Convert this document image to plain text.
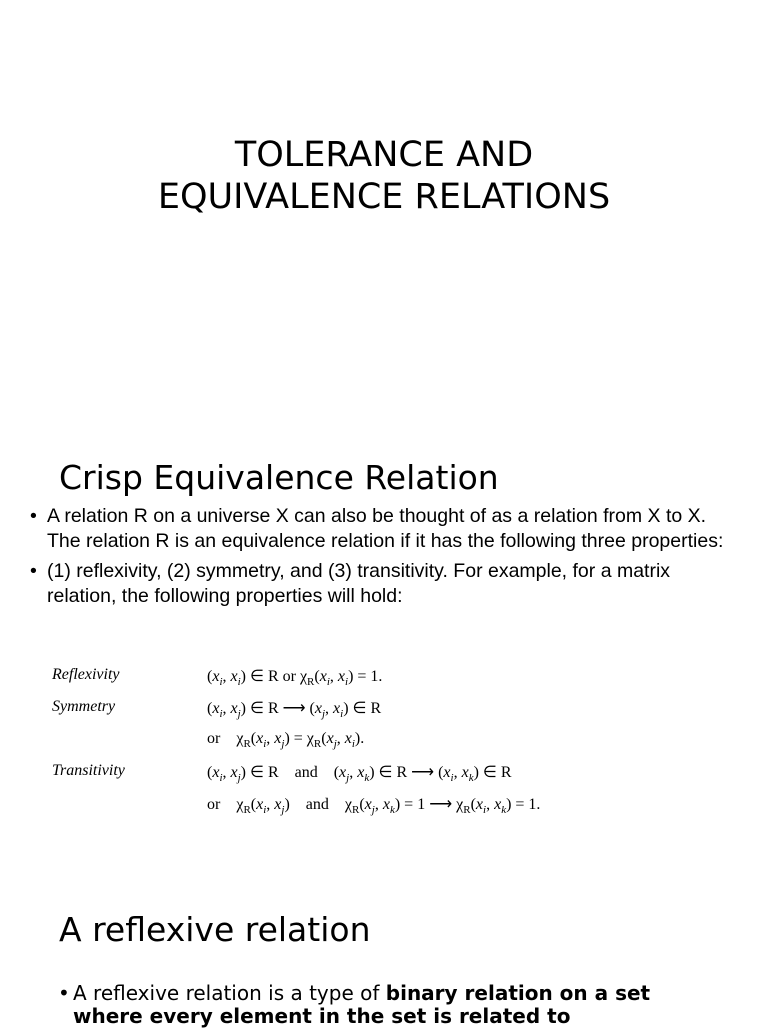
TOLERANCE AND
EQUIVALENCE RELATIONS
Crisp Equivalence Relation
• A relation R on a universe X can also be thought of as a relation from X to X. The relation R is an equivalence relation if it has the following three properties:
• (1) reflexivity, (2) symmetry, and (3) transitivity. For example, for a matrix relation, the following properties will hold:
Reflexivity	($x_i$, $x_i$) ∈ R or $\chi_R(x_i$, $x_i) = 1$.
Symmetry	($x_i$, $x_j$) ∈ R ⟶ ($x_j$, $x_i$) ∈ R
or    $\chi_R(x_i$, $x_j) = \chi_R(x_j$, $x_i$).
Transitivity	($x_i$, $x_j$) ∈ R    and    ($x_j$, $x_k$) ∈ R ⟶ ($x_i$, $x_k$) ∈ R
or    $\chi_R(x_i$, $x_j$)    and    $\chi_R(x_j$, $x_k) = 1$ ⟶ $\chi_R(x_i$, $x_k) = 1$.
A reflexive relation
• A reflexive relation is a type of binary relation on a set where every element in the set is related to
